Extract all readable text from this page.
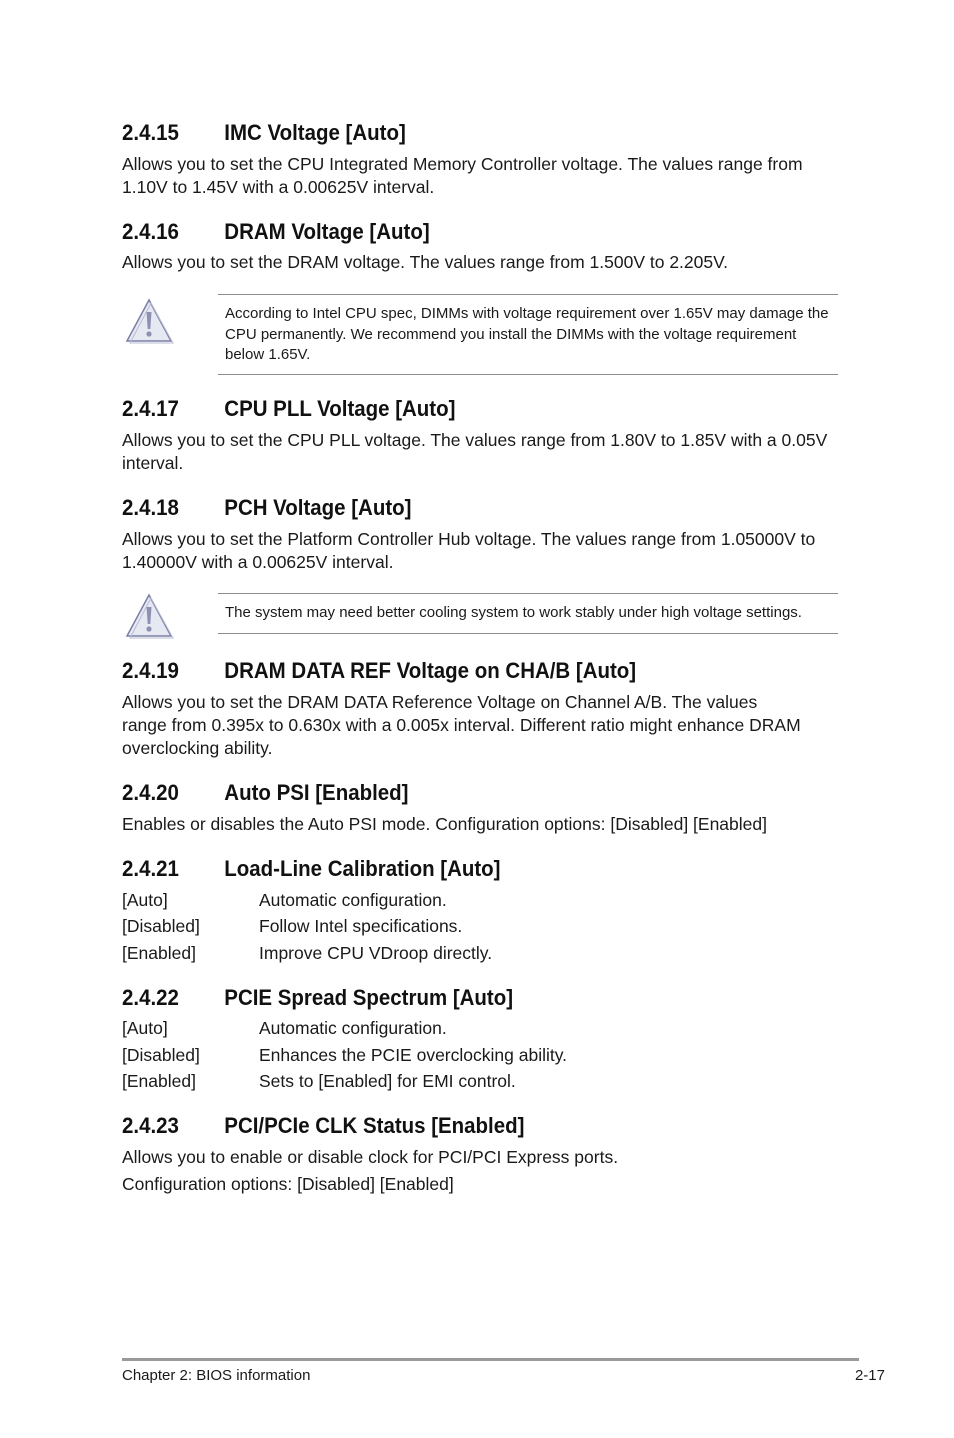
2.4.15 IMC Voltage [Auto]

Allows you to set the CPU Integrated Memory Controller voltage. The values range from 1.10V to 1.45V with a 0.00625V interval.

2.4.16 DRAM Voltage [Auto]

Allows you to set the DRAM voltage. The values range from 1.500V to 2.205V.

According to Intel CPU spec, DIMMs with voltage requirement over 1.65V may damage the CPU permanently. We recommend you install the DIMMs with the voltage requirement below 1.65V.

2.4.17 CPU PLL Voltage [Auto]

Allows you to set the CPU PLL voltage. The values range from 1.80V to 1.85V with a 0.05V interval.

2.4.18 PCH Voltage [Auto]

Allows you to set the Platform Controller Hub voltage. The values range from 1.05000V to 1.40000V with a 0.00625V interval.

The system may need better cooling system to work stably under high voltage settings.

2.4.19 DRAM DATA REF Voltage on CHA/B [Auto]

Allows you to set the DRAM DATA Reference Voltage on Channel A/B. The values range from 0.395x to 0.630x with a 0.005x interval. Different ratio might enhance DRAM overclocking ability.

2.4.20 Auto PSI [Enabled]

Enables or disables the Auto PSI mode. Configuration options: [Disabled] [Enabled]

2.4.21 Load-Line Calibration [Auto]
[Auto]	Automatic configuration.
[Disabled]	Follow Intel specifications.
[Enabled]	Improve CPU VDroop directly.
2.4.22 PCIE Spread Spectrum [Auto]
[Auto]	Automatic configuration.
[Disabled]	Enhances the PCIE overclocking ability.
[Enabled]	Sets to [Enabled] for EMI control.
2.4.23 PCI/PCIe CLK Status [Enabled]

Allows you to enable or disable clock for PCI/PCI Express ports.

Configuration options: [Disabled] [Enabled]

Chapter 2: BIOS information	2-17
